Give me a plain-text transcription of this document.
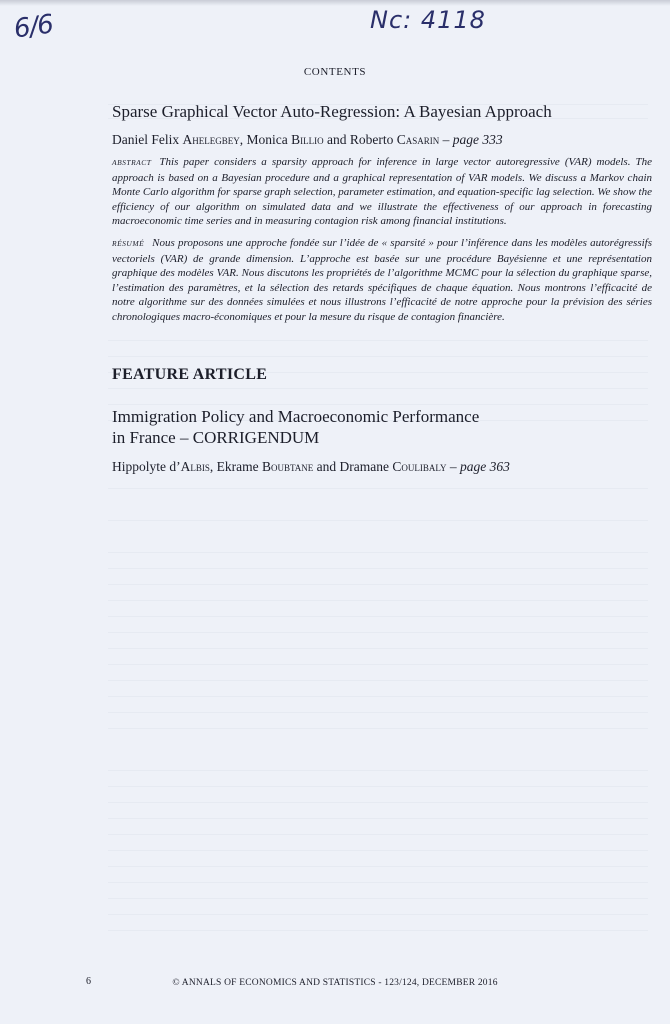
6/6	Nc: 4118
CONTENTS
Sparse Graphical Vector Auto-Regression: A Bayesian Approach
Daniel Felix Ahelegbey, Monica Billio and Roberto Casarin – page 333
ABSTRACT This paper considers a sparsity approach for inference in large vector autoregressive (VAR) models. The approach is based on a Bayesian procedure and a graphical representation of VAR models. We discuss a Markov chain Monte Carlo algorithm for sparse graph selection, parameter estimation, and equation-specific lag selection. We show the efficiency of our algorithm on simulated data and we illustrate the effectiveness of our approach in forecasting macroeconomic time series and in measuring contagion risk among financial institutions.
RÉSUMÉ Nous proposons une approche fondée sur l’idée de « sparsité » pour l’inférence dans les modèles autorégressifs vectoriels (VAR) de grande dimension. L’approche est basée sur une procédure Bayésienne et une représentation graphique des modèles VAR. Nous discutons les propriétés de l’algorithme MCMC pour la sélection du graphique sparse, l’estimation des paramètres, et la sélection des retards spécifiques de chaque équation. Nous montrons l’efficacité de notre algorithme sur des données simulées et nous illustrons l’efficacité de notre approche pour la prévision des séries chronologiques macro-économiques et pour la mesure du risque de contagion financière.
FEATURE ARTICLE
Immigration Policy and Macroeconomic Performance
in France – CORRIGENDUM
Hippolyte d’Albis, Ekrame Boubtane and Dramane Coulibaly – page 363
6	© ANNALS OF ECONOMICS AND STATISTICS - 123/124, DECEMBER 2016
